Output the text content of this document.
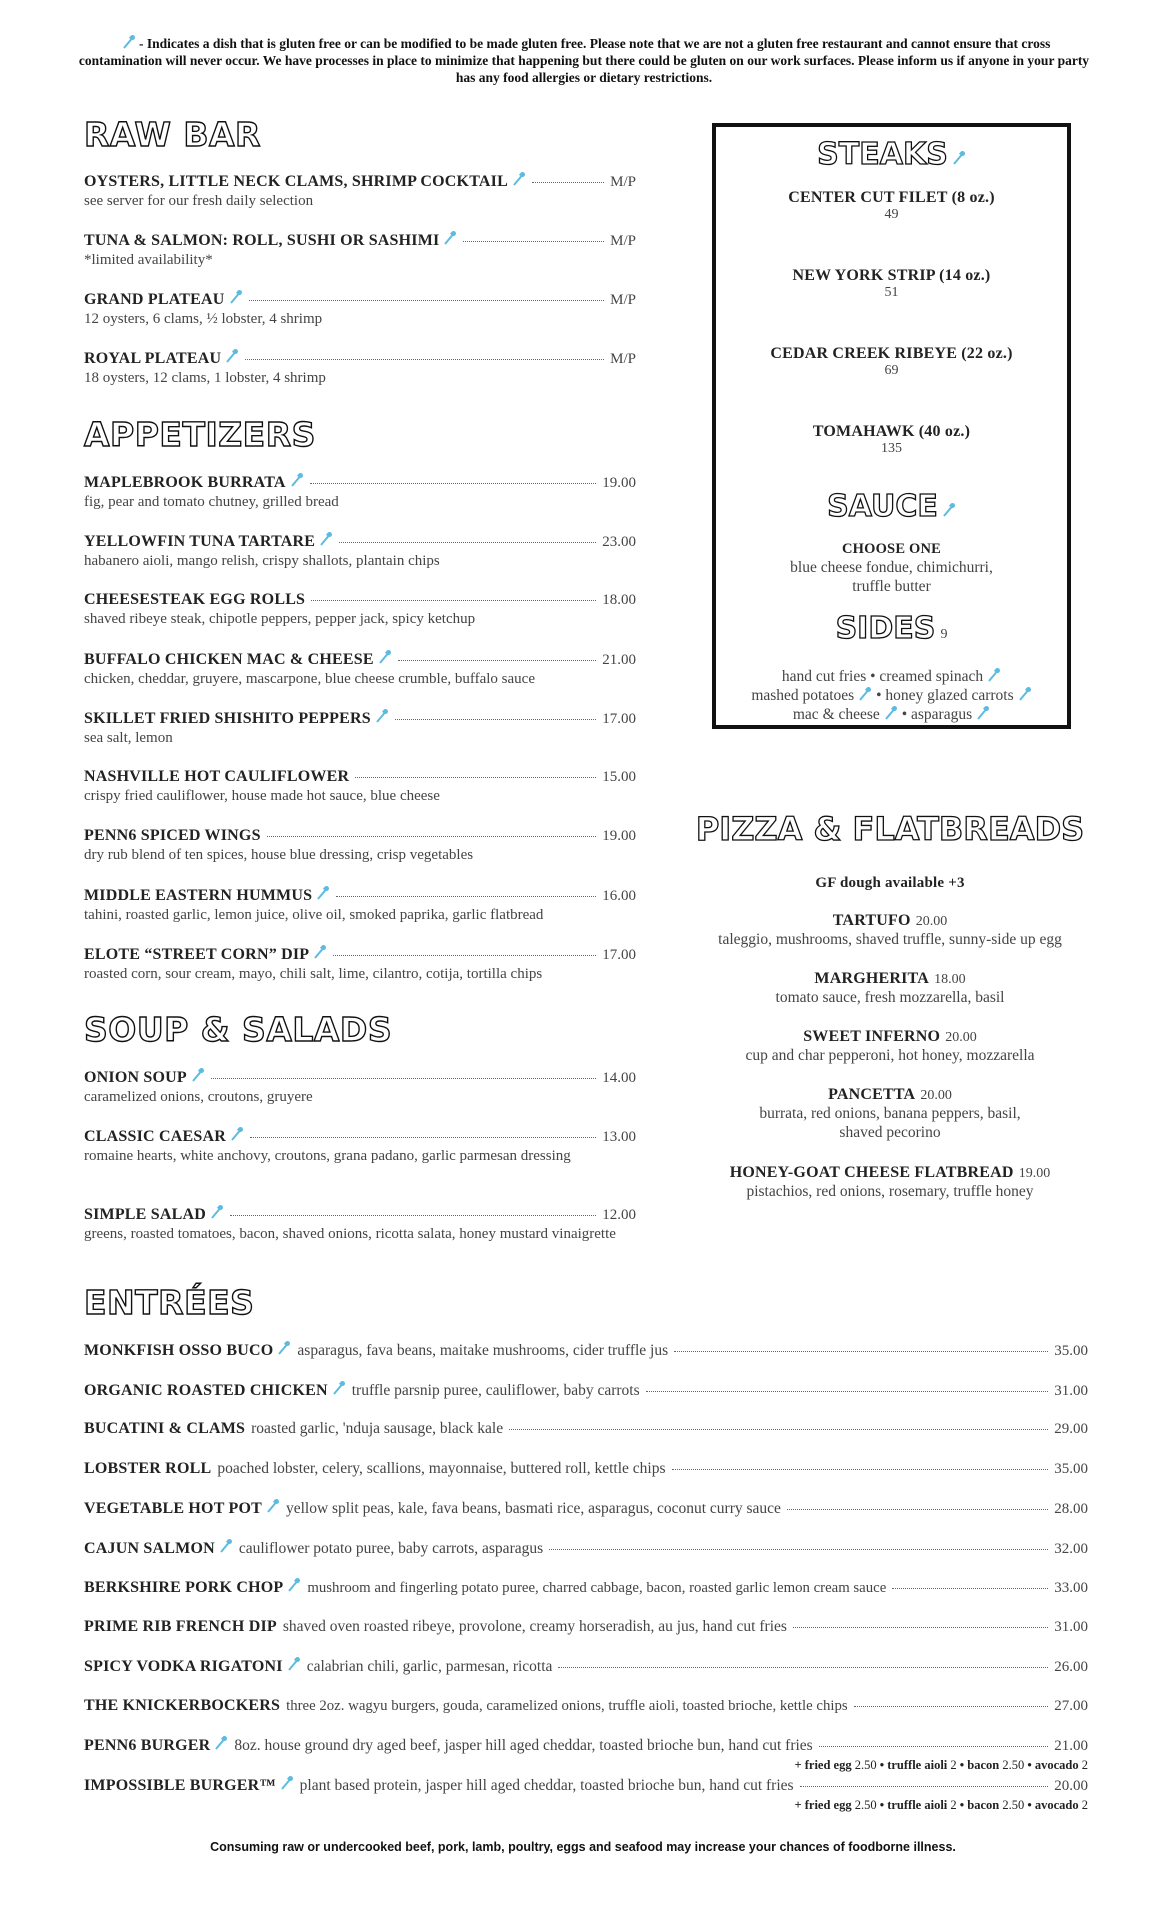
- Indicates a dish that is gluten free or can be modified to be made gluten free. Please note that we are not a gluten free restaurant and cannot ensure that cross contamination will never occur. We have processes in place to minimize that happening but there could be gluten on our work surfaces. Please inform us if anyone in your party has any food allergies or dietary restrictions.
RAW BAR
OYSTERS, LITTLE NECK CLAMS, SHRIMP COCKTAIL	M/P
see server for our fresh daily selection
TUNA & SALMON: ROLL, SUSHI OR SASHIMI	M/P
*limited availability*
GRAND PLATEAU	M/P
12 oysters, 6 clams, ½ lobster, 4 shrimp
ROYAL PLATEAU	M/P
18 oysters, 12 clams, 1 lobster, 4 shrimp
APPETIZERS
MAPLEBROOK BURRATA	19.00
fig, pear and tomato chutney, grilled bread
YELLOWFIN TUNA TARTARE	23.00
habanero aioli, mango relish, crispy shallots, plantain chips
CHEESESTEAK EGG ROLLS	18.00
shaved ribeye steak, chipotle peppers, pepper jack, spicy ketchup
BUFFALO CHICKEN MAC & CHEESE	21.00
chicken, cheddar, gruyere, mascarpone, blue cheese crumble, buffalo sauce
SKILLET FRIED SHISHITO PEPPERS	17.00
sea salt, lemon
NASHVILLE HOT CAULIFLOWER	15.00
crispy fried cauliflower, house made hot sauce, blue cheese
PENN6 SPICED WINGS	19.00
dry rub blend of ten spices, house blue dressing, crisp vegetables
MIDDLE EASTERN HUMMUS	16.00
tahini, roasted garlic, lemon juice, olive oil, smoked paprika, garlic flatbread
ELOTE “STREET CORN” DIP	17.00
roasted corn, sour cream, mayo, chili salt, lime, cilantro, cotija, tortilla chips
SOUP & SALADS
ONION SOUP	14.00
caramelized onions, croutons, gruyere
CLASSIC CAESAR	13.00
romaine hearts, white anchovy, croutons, grana padano, garlic parmesan dressing
SIMPLE SALAD	12.00
greens, roasted tomatoes, bacon, shaved onions, ricotta salata, honey mustard vinaigrette
STEAKS
CENTER CUT FILET (8 oz.)
49
NEW YORK STRIP (14 oz.)
51
CEDAR CREEK RIBEYE (22 oz.)
69
TOMAHAWK (40 oz.)
135
SAUCE
CHOOSE ONE
blue cheese fondue, chimichurri,
truffle butter
SIDES 9
hand cut fries • creamed spinach
mashed potatoes • honey glazed carrots
mac & cheese • asparagus
PIZZA & FLATBREADS
GF dough available +3
TARTUFO 20.00
taleggio, mushrooms, shaved truffle, sunny-side up egg
MARGHERITA 18.00
tomato sauce, fresh mozzarella, basil
SWEET INFERNO 20.00
cup and char pepperoni, hot honey, mozzarella
PANCETTA 20.00
burrata, red onions, banana peppers, basil,
shaved pecorino
HONEY-GOAT CHEESE FLATBREAD 19.00
pistachios, red onions, rosemary, truffle honey
ENTRÉES
MONKFISH OSSO BUCO asparagus, fava beans, maitake mushrooms, cider truffle jus	35.00
ORGANIC ROASTED CHICKEN truffle parsnip puree, cauliflower, baby carrots	31.00
BUCATINI & CLAMS roasted garlic, 'nduja sausage, black kale	29.00
LOBSTER ROLL poached lobster, celery, scallions, mayonnaise, buttered roll, kettle chips	35.00
VEGETABLE HOT POT yellow split peas, kale, fava beans, basmati rice, asparagus, coconut curry sauce	28.00
CAJUN SALMON cauliflower potato puree, baby carrots, asparagus	32.00
BERKSHIRE PORK CHOP mushroom and fingerling potato puree, charred cabbage, bacon, roasted garlic lemon cream sauce	33.00
PRIME RIB FRENCH DIP shaved oven roasted ribeye, provolone, creamy horseradish, au jus, hand cut fries	31.00
SPICY VODKA RIGATONI calabrian chili, garlic, parmesan, ricotta	26.00
THE KNICKERBOCKERS three 2oz. wagyu burgers, gouda, caramelized onions, truffle aioli, toasted brioche, kettle chips	27.00
PENN6 BURGER 8oz. house ground dry aged beef, jasper hill aged cheddar, toasted brioche bun, hand cut fries	21.00
+ fried egg 2.50 • truffle aioli 2 • bacon 2.50 • avocado 2
IMPOSSIBLE BURGER™ plant based protein, jasper hill aged cheddar, toasted brioche bun, hand cut fries	20.00
+ fried egg 2.50 • truffle aioli 2 • bacon 2.50 • avocado 2
Consuming raw or undercooked beef, pork, lamb, poultry, eggs and seafood may increase your chances of foodborne illness.
